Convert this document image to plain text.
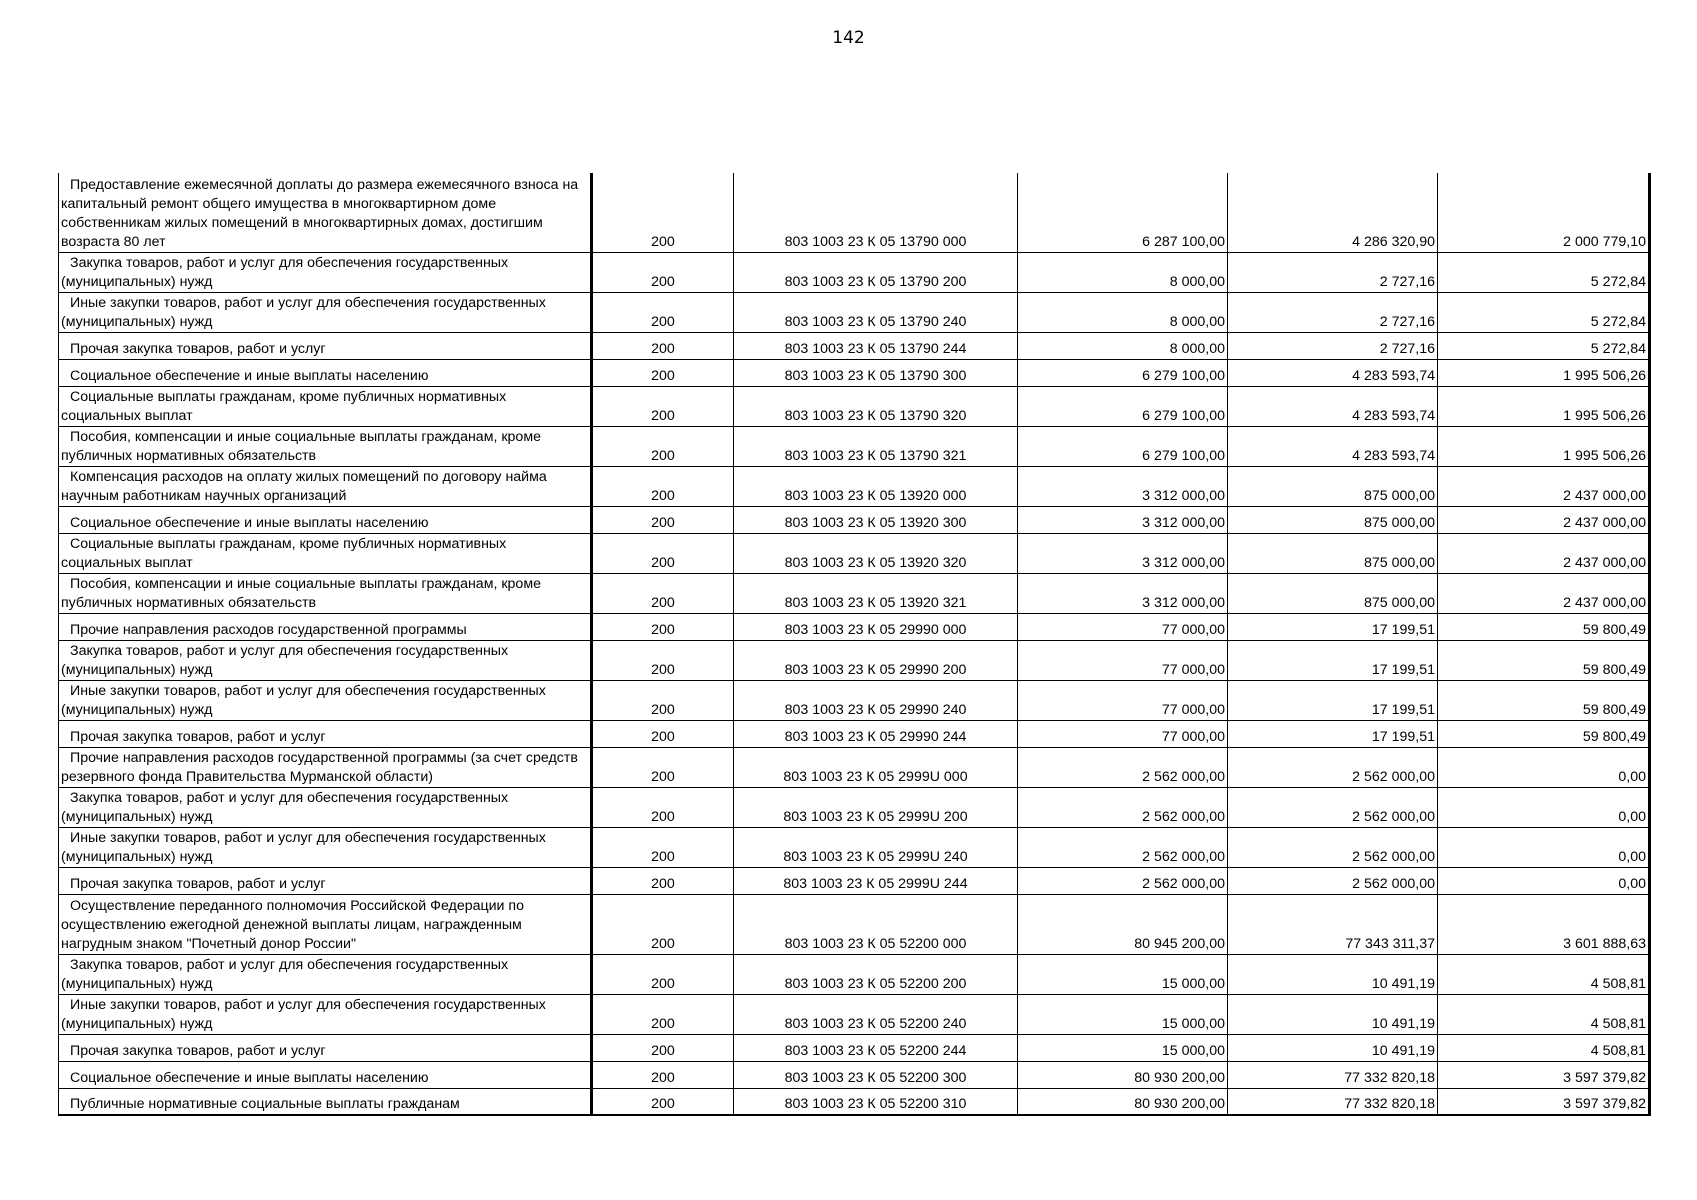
142
Предоставление ежемесячной доплаты до размера ежемесячного взноса на капитальный ремонт общего имущества в многоквартирном доме собственникам жилых помещений в многоквартирных домах, достигшим возраста 80 лет	200	803 1003 23 К 05 13790 000	6 287 100,00	4 286 320,90	2 000 779,10

Закупка товаров, работ и услуг для обеспечения государственных (муниципальных) нужд	200	803 1003 23 К 05 13790 200	8 000,00	2 727,16	5 272,84

Иные закупки товаров, работ и услуг для обеспечения государственных (муниципальных) нужд	200	803 1003 23 К 05 13790 240	8 000,00	2 727,16	5 272,84

Прочая закупка товаров, работ и услуг	200	803 1003 23 К 05 13790 244	8 000,00	2 727,16	5 272,84

Социальное обеспечение и иные выплаты населению	200	803 1003 23 К 05 13790 300	6 279 100,00	4 283 593,74	1 995 506,26

Социальные выплаты гражданам, кроме публичных нормативных социальных выплат	200	803 1003 23 К 05 13790 320	6 279 100,00	4 283 593,74	1 995 506,26

Пособия, компенсации и иные социальные выплаты гражданам, кроме публичных нормативных обязательств	200	803 1003 23 К 05 13790 321	6 279 100,00	4 283 593,74	1 995 506,26

Компенсация расходов на оплату жилых помещений по договору найма научным работникам научных организаций	200	803 1003 23 К 05 13920 000	3 312 000,00	875 000,00	2 437 000,00

Социальное обеспечение и иные выплаты населению	200	803 1003 23 К 05 13920 300	3 312 000,00	875 000,00	2 437 000,00

Социальные выплаты гражданам, кроме публичных нормативных социальных выплат	200	803 1003 23 К 05 13920 320	3 312 000,00	875 000,00	2 437 000,00

Пособия, компенсации и иные социальные выплаты гражданам, кроме публичных нормативных обязательств	200	803 1003 23 К 05 13920 321	3 312 000,00	875 000,00	2 437 000,00

Прочие направления расходов государственной программы	200	803 1003 23 К 05 29990 000	77 000,00	17 199,51	59 800,49

Закупка товаров, работ и услуг для обеспечения государственных (муниципальных) нужд	200	803 1003 23 К 05 29990 200	77 000,00	17 199,51	59 800,49

Иные закупки товаров, работ и услуг для обеспечения государственных (муниципальных) нужд	200	803 1003 23 К 05 29990 240	77 000,00	17 199,51	59 800,49

Прочая закупка товаров, работ и услуг	200	803 1003 23 К 05 29990 244	77 000,00	17 199,51	59 800,49

Прочие направления расходов государственной программы (за счет средств резервного фонда Правительства Мурманской области)	200	803 1003 23 К 05 2999U 000	2 562 000,00	2 562 000,00	0,00

Закупка товаров, работ и услуг для обеспечения государственных (муниципальных) нужд	200	803 1003 23 К 05 2999U 200	2 562 000,00	2 562 000,00	0,00

Иные закупки товаров, работ и услуг для обеспечения государственных (муниципальных) нужд	200	803 1003 23 К 05 2999U 240	2 562 000,00	2 562 000,00	0,00

Прочая закупка товаров, работ и услуг	200	803 1003 23 К 05 2999U 244	2 562 000,00	2 562 000,00	0,00

Осуществление переданного полномочия Российской Федерации по осуществлению ежегодной денежной выплаты лицам, награжденным нагрудным знаком "Почетный донор России"	200	803 1003 23 К 05 52200 000	80 945 200,00	77 343 311,37	3 601 888,63

Закупка товаров, работ и услуг для обеспечения государственных (муниципальных) нужд	200	803 1003 23 К 05 52200 200	15 000,00	10 491,19	4 508,81

Иные закупки товаров, работ и услуг для обеспечения государственных (муниципальных) нужд	200	803 1003 23 К 05 52200 240	15 000,00	10 491,19	4 508,81

Прочая закупка товаров, работ и услуг	200	803 1003 23 К 05 52200 244	15 000,00	10 491,19	4 508,81

Социальное обеспечение и иные выплаты населению	200	803 1003 23 К 05 52200 300	80 930 200,00	77 332 820,18	3 597 379,82

Публичные нормативные социальные выплаты гражданам	200	803 1003 23 К 05 52200 310	80 930 200,00	77 332 820,18	3 597 379,82
